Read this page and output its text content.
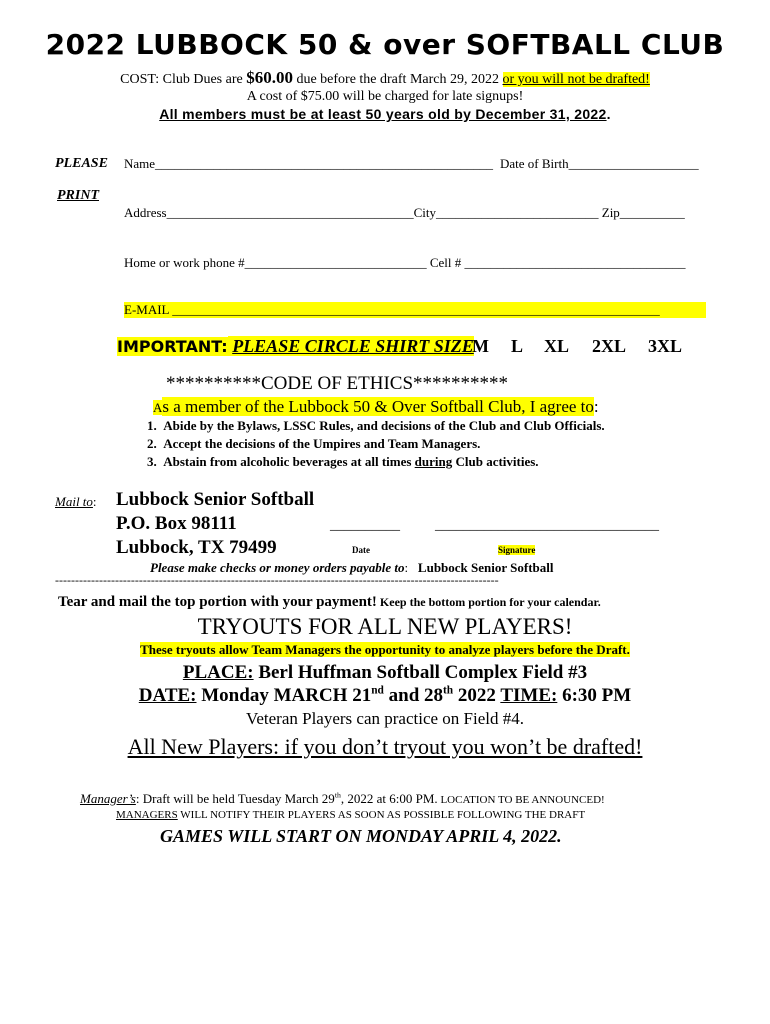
2022 LUBBOCK 50 & over SOFTBALL CLUB
COST: Club Dues are $60.00 due before the draft March 29, 2022 or you will not be drafted!
A cost of $75.00 will be charged for late signups!
All members must be at least 50 years old by December 31, 2022.
PLEASE
PRINT
Name____________________________________________________ Date of Birth____________________
Address______________________________________City_________________________ Zip__________
Home or work phone #____________________________ Cell # __________________________________
E-MAIL ___________________________________________________________________________
IMPORTANT: PLEASE CIRCLE SHIRT SIZE
M L XL 2XL 3XL
**********CODE OF ETHICS**********
As a member of the Lubbock 50 & Over Softball Club, I agree to:
1.  Abide by the Bylaws, LSSC Rules, and decisions of the Club and Club Officials.
2.  Accept the decisions of the Umpires and Team Managers.
3.  Abstain from alcoholic beverages at all times during Club activities.
Mail to: Lubbock Senior Softball
P.O. Box 98111
Lubbock, TX 79499
__________	________________________________
Date	Signature
Please make checks or money orders payable to: Lubbock Senior Softball
---------------------------------------------------------------------------------------------------------------
Tear and mail the top portion with your payment! Keep the bottom portion for your calendar.
TRYOUTS FOR ALL NEW PLAYERS!
These tryouts allow Team Managers the opportunity to analyze players before the Draft.
PLACE: Berl Huffman Softball Complex Field #3
DATE: Monday MARCH 21nd and 28th 2022 TIME: 6:30 PM
Veteran Players can practice on Field #4.
All New Players: if you don’t tryout you won’t be drafted!
Manager’s: Draft will be held Tuesday March 29th, 2022 at 6:00 PM. LOCATION TO BE ANNOUNCED!
MANAGERS WILL NOTIFY THEIR PLAYERS AS SOON AS POSSIBLE FOLLOWING THE DRAFT
GAMES WILL START ON MONDAY APRIL 4, 2022.
